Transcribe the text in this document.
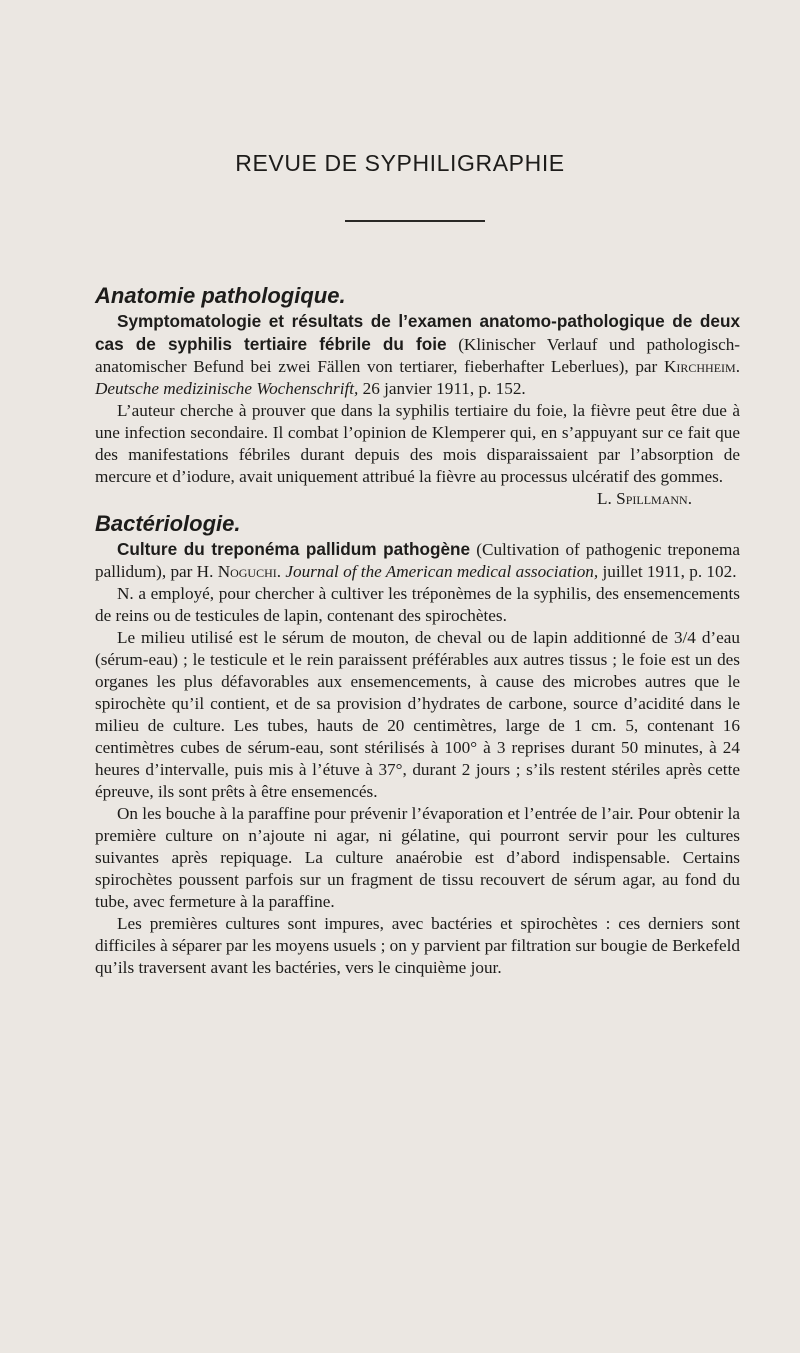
REVUE DE SYPHILIGRAPHIE
Anatomie pathologique.

Symptomatologie et résultats de l’examen anatomo-pathologique de deux cas de syphilis tertiaire fébrile du foie (Klinischer Verlauf und pathologisch-anatomischer Befund bei zwei Fällen von tertiarer, fieberhafter Leberlues), par Kirchheim. Deutsche medizinische Wochenschrift, 26 janvier 1911, p. 152.

L’auteur cherche à prouver que dans la syphilis tertiaire du foie, la fièvre peut être due à une infection secondaire. Il combat l’opinion de Klemperer qui, en s’appuyant sur ce fait que des manifestations fébriles durant depuis des mois disparaissaient par l’absorption de mercure et d’iodure, avait uniquement attribué la fièvre au processus ulcératif des gommes.

L. Spillmann.

Bactériologie.

Culture du treponéma pallidum pathogène (Cultivation of pathogenic treponema pallidum), par H. Noguchi. Journal of the American medical association, juillet 1911, p. 102.

N. a employé, pour chercher à cultiver les tréponèmes de la syphilis, des ensemencements de reins ou de testicules de lapin, contenant des spirochètes.

Le milieu utilisé est le sérum de mouton, de cheval ou de lapin additionné de 3/4 d’eau (sérum-eau) ; le testicule et le rein paraissent préférables aux autres tissus ; le foie est un des organes les plus défavorables aux ensemencements, à cause des microbes autres que le spirochète qu’il contient, et de sa provision d’hydrates de carbone, source d’acidité dans le milieu de culture. Les tubes, hauts de 20 centimètres, large de 1 cm. 5, contenant 16 centimètres cubes de sérum-eau, sont stérilisés à 100° à 3 reprises durant 50 minutes, à 24 heures d’intervalle, puis mis à l’étuve à 37°, durant 2 jours ; s’ils restent stériles après cette épreuve, ils sont prêts à être ensemencés.

On les bouche à la paraffine pour prévenir l’évaporation et l’entrée de l’air. Pour obtenir la première culture on n’ajoute ni agar, ni gélatine, qui pourront servir pour les cultures suivantes après repiquage. La culture anaérobie est d’abord indispensable. Certains spirochètes poussent parfois sur un fragment de tissu recouvert de sérum agar, au fond du tube, avec fermeture à la paraffine.

Les premières cultures sont impures, avec bactéries et spirochètes : ces derniers sont difficiles à séparer par les moyens usuels ; on y parvient par filtration sur bougie de Berkefeld qu’ils traversent avant les bactéries, vers le cinquième jour.
